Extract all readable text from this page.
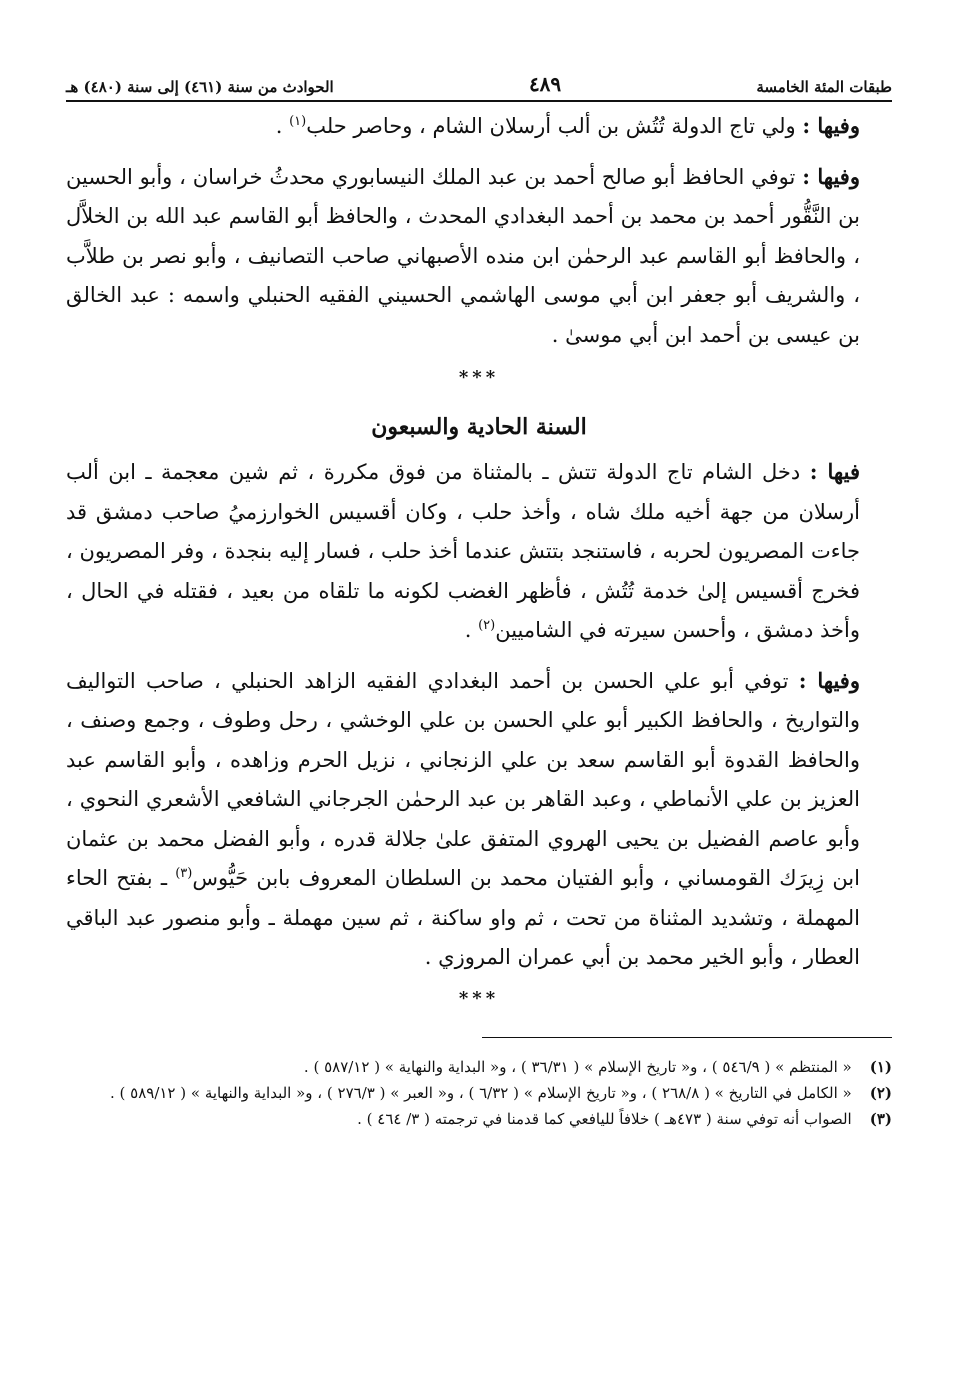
طبقات المئة الخامسة
٤٨٩
الحوادث من سنة (٤٦١) إلى سنة (٤٨٠) هـ

وفيها : ولي تاج الدولة تُتُش بن ألب أرسلان الشام ، وحاصر حلب$^{(١)}$ .

وفيها : توفي الحافظ أبو صالح أحمد بن عبد الملك النيسابوري محدثُ خراسان ، وأبو الحسين بن النَّقُّور أحمد بن محمد بن أحمد البغدادي المحدث ، والحافظ أبو القاسم عبد الله بن الخلاَّل ، والحافظ أبو القاسم عبد الرحمٰن ابن منده الأصبهاني صاحب التصانيف ، وأبو نصر بن طلاَّب ، والشريف أبو جعفر ابن أبي موسى الهاشمي الحسيني الفقيه الحنبلي واسمه : عبد الخالق بن عيسى بن أحمد ابن أبي موسىٰ .

***
السنة الحادية والسبعون

فيها : دخل الشام تاج الدولة تتش ـ بالمثناة من فوق مكررة ، ثم شين معجمة ـ ابن ألب أرسلان من جهة أخيه ملك شاه ، وأخذ حلب ، وكان أقسيس الخوارزميُ صاحب دمشق قد جاءت المصريون لحربه ، فاستنجد بتتش عندما أخذ حلب ، فسار إليه بنجدة ، وفر المصريون ، فخرج أقسيس إلىٰ خدمة تُتُش ، فأظهر الغضب لكونه ما تلقاه من بعيد ، فقتله في الحال ، وأخذ دمشق ، وأحسن سيرته في الشاميين$^{(٢)}$ .

وفيها : توفي أبو علي الحسن بن أحمد البغدادي الفقيه الزاهد الحنبلي ، صاحب التواليف والتواريخ ، والحافظ الكبير أبو علي الحسن بن علي الوخشي ، رحل وطوف ، وجمع وصنف ، والحافظ القدوة أبو القاسم سعد بن علي الزنجاني ، نزيل الحرم وزاهده ، وأبو القاسم عبد العزيز بن علي الأنماطي ، وعبد القاهر بن عبد الرحمٰن الجرجاني الشافعي الأشعري النحوي ، وأبو عاصم الفضيل بن يحيى الهروي المتفق علىٰ جلالة قدره ، وأبو الفضل محمد بن عثمان ابن زِيرَك القومساني ، وأبو الفتيان محمد بن السلطان المعروف بابن حَيُّوس$^{(٣)}$ ـ بفتح الحاء المهملة ، وتشديد المثناة من تحت ، ثم واو ساكنة ، ثم سين مهملة ـ وأبو منصور عبد الباقي العطار ، وأبو الخير محمد بن أبي عمران المروزي .

***
(١)
« المنتظم » ( ٥٤٦/٩ ) ، و« تاريخ الإسلام » ( ٣٦/٣١ ) ، و« البداية والنهاية » ( ٥٨٧/١٢ ) .
(٢)
« الكامل في التاريخ » ( ٢٦٨/٨ ) ، و« تاريخ الإسلام » ( ٦/٣٢ ) ، و« العبر » ( ٢٧٦/٣ ) ، و« البداية والنهاية » ( ٥٨٩/١٢ ) .
(٣)
الصواب أنه توفي سنة ( ٤٧٣هـ ) خلافاً لليافعي كما قدمنا في ترجمته ( ٣/ ٤٦٤ ) .
